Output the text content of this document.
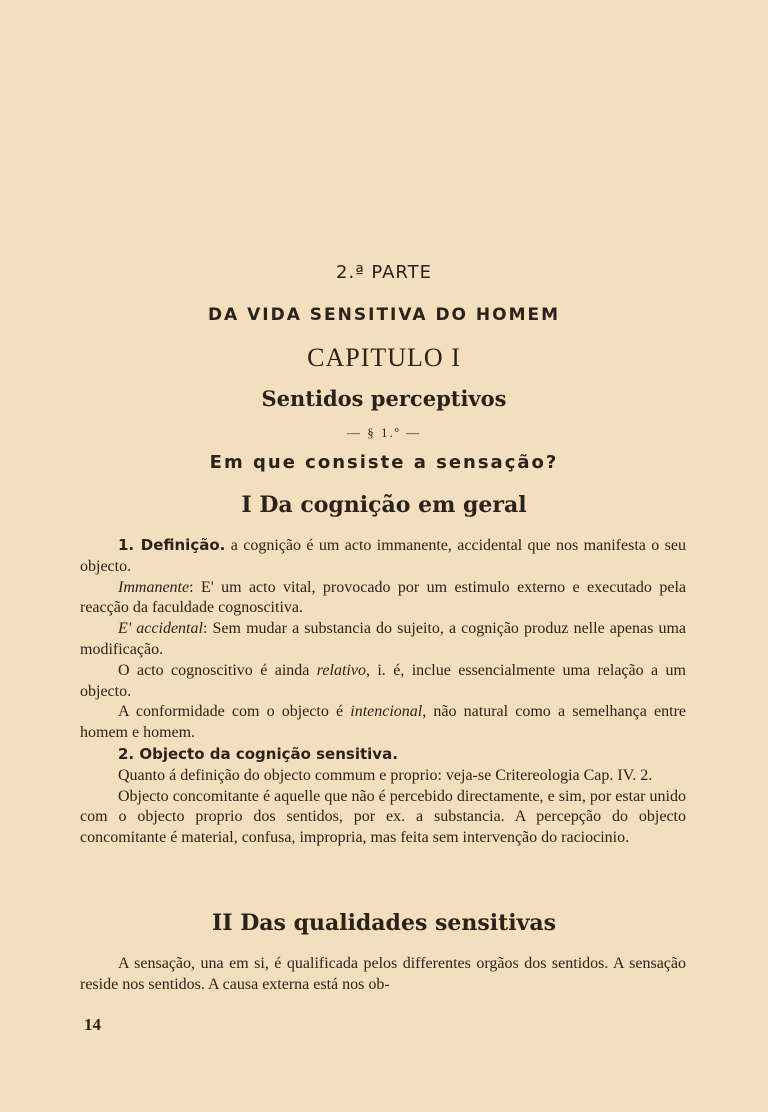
2.ª PARTE
DA VIDA SENSITIVA DO HOMEM
CAPITULO I
Sentidos perceptivos
— § 1.º —
Em que consiste a sensação?
I Da cognição em geral

1. Definição. a cognição é um acto immanente, accidental que nos manifesta o seu objecto.

Immanente: E' um acto vital, provocado por um estimulo externo e executado pela reacção da faculdade cognoscitiva.

E' accidental: Sem mudar a substancia do sujeito, a cognição produz nelle apenas uma modificação.

O acto cognoscitivo é ainda relativo, i. é, inclue essencialmente uma relação a um objecto.

A conformidade com o objecto é intencional, não natural como a semelhança entre homem e homem.

2. Objecto da cognição sensitiva.

Quanto á definição do objecto commum e proprio: veja-se Critereologia Cap. IV. 2.

Objecto concomitante é aquelle que não é percebido directamente, e sim, por estar unido com o objecto proprio dos sentidos, por ex. a substancia. A percepção do objecto concomitante é material, confusa, impropria, mas feita sem intervenção do raciocinio.

II Das qualidades sensitivas

A sensação, una em si, é qualificada pelos differentes orgãos dos sentidos. A sensação reside nos sentidos. A causa externa está nos ob-

14
